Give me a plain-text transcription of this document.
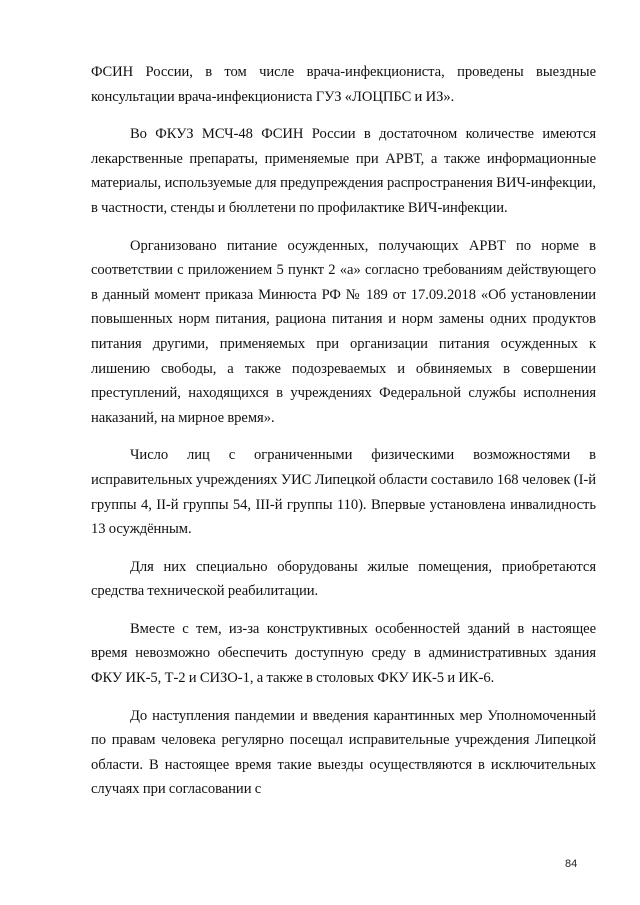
ФСИН России, в том числе врача-инфекциониста, проведены выездные консультации врача-инфекциониста ГУЗ «ЛОЦПБС и ИЗ».

Во ФКУЗ МСЧ-48 ФСИН России в достаточном количестве имеются лекарственные препараты, применяемые при АРВТ, а также информационные материалы, используемые для предупреждения распространения ВИЧ-инфекции, в частности, стенды и бюллетени по профилактике ВИЧ-инфекции.

Организовано питание осужденных, получающих АРВТ по норме в соответствии с приложением 5 пункт 2 «а» согласно требованиям действующего в данный момент приказа Минюста РФ № 189 от 17.09.2018 «Об установлении повышенных норм питания, рациона питания и норм замены одних продуктов питания другими, применяемых при организации питания осужденных к лишению свободы, а также подозреваемых и обвиняемых в совершении преступлений, находящихся в учреждениях Федеральной службы исполнения наказаний, на мирное время».

Число лиц с ограниченными физическими возможностями в исправительных учреждениях УИС Липецкой области составило 168 человек (I-й группы 4, II-й группы 54, III-й группы 110). Впервые установлена инвалидность 13 осуждённым.

Для них специально оборудованы жилые помещения, приобретаются средства технической реабилитации.

Вместе с тем, из-за конструктивных особенностей зданий в настоящее время невозможно обеспечить доступную среду в административных здания ФКУ ИК-5, Т-2 и СИЗО-1, а также в столовых ФКУ ИК-5 и ИК-6.

До наступления пандемии и введения карантинных мер Уполномоченный по правам человека регулярно посещал исправительные учреждения Липецкой области. В настоящее время такие выезды осуществляются в исключительных случаях при согласовании с

84
